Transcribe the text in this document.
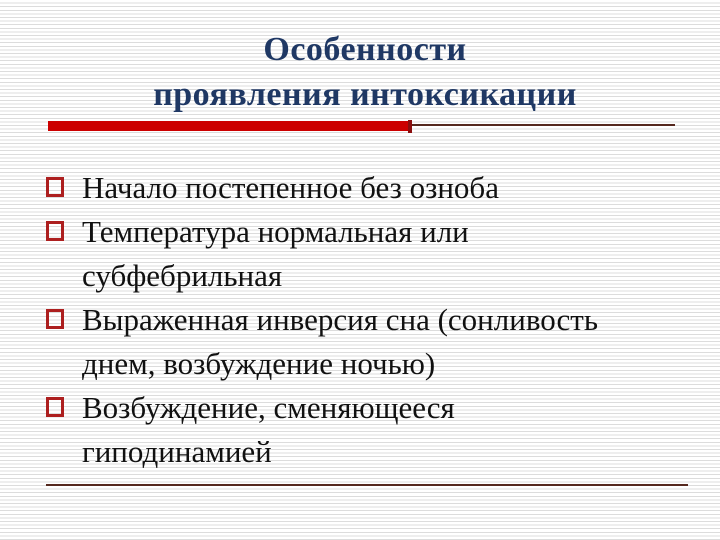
Особенности
проявления интоксикации
Начало постепенное без озноба
Температура нормальная или
субфебрильная
Выраженная инверсия сна (сонливость
днем, возбуждение ночью)
Возбуждение, сменяющееся
гиподинамией
